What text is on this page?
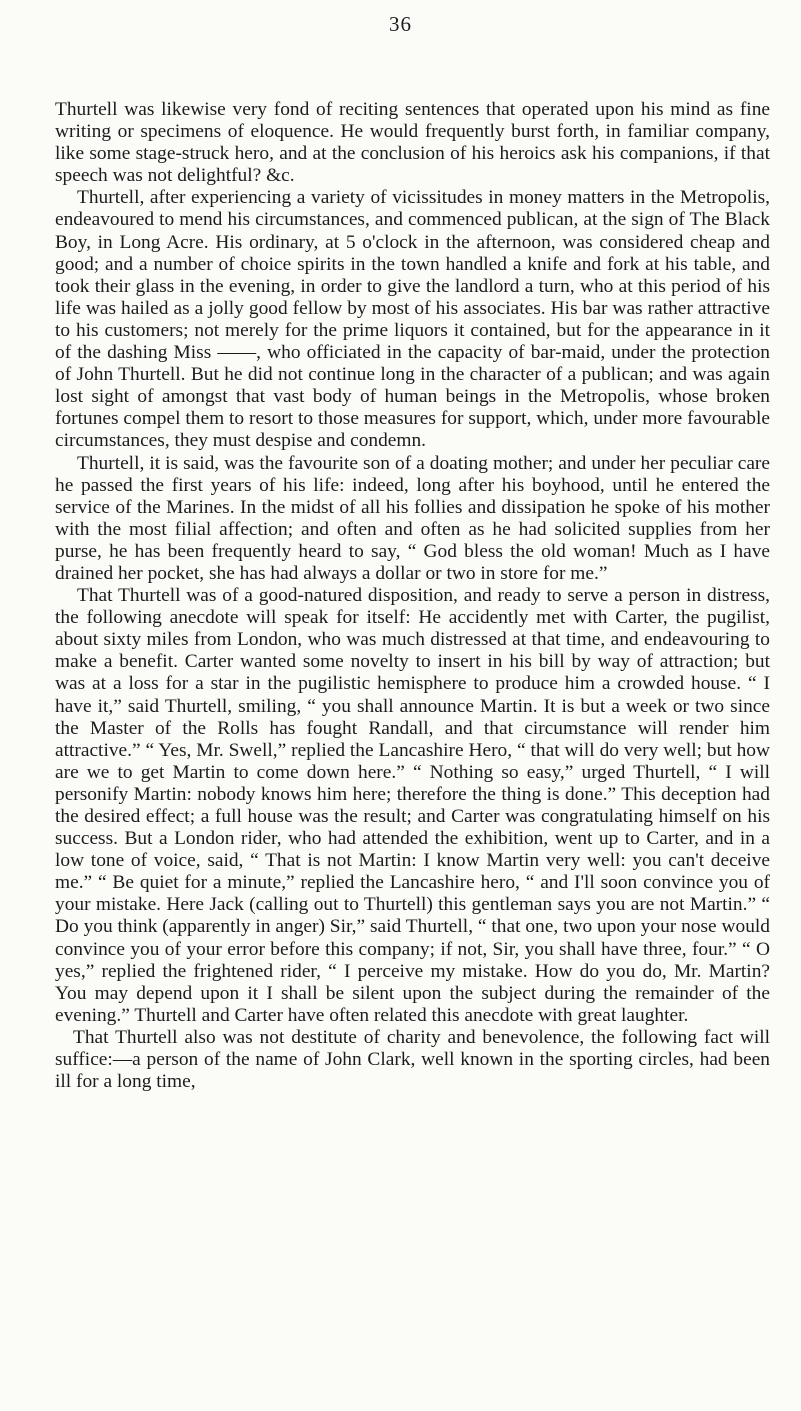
36

Thurtell was likewise very fond of reciting sentences that operated upon his mind as fine writing or specimens of eloquence. He would frequently burst forth, in familiar company, like some stage-struck hero, and at the conclusion of his heroics ask his companions, if that speech was not delightful? &c.

Thurtell, after experiencing a variety of vicissitudes in money matters in the Metropolis, endeavoured to mend his circumstances, and commenced publican, at the sign of The Black Boy, in Long Acre. His ordinary, at 5 o'clock in the afternoon, was considered cheap and good; and a number of choice spirits in the town handled a knife and fork at his table, and took their glass in the evening, in order to give the landlord a turn, who at this period of his life was hailed as a jolly good fellow by most of his associates. His bar was rather attractive to his customers; not merely for the prime liquors it contained, but for the appearance in it of the dashing Miss ——, who officiated in the capacity of bar-maid, under the protection of John Thurtell. But he did not continue long in the character of a publican; and was again lost sight of amongst that vast body of human beings in the Metropolis, whose broken fortunes compel them to resort to those measures for support, which, under more favourable circumstances, they must despise and condemn.

Thurtell, it is said, was the favourite son of a doating mother; and under her peculiar care he passed the first years of his life: indeed, long after his boyhood, until he entered the service of the Marines. In the midst of all his follies and dissipation he spoke of his mother with the most filial affection; and often and often as he had solicited supplies from her purse, he has been frequently heard to say, “ God bless the old woman! Much as I have drained her pocket, she has had always a dollar or two in store for me.”

That Thurtell was of a good-natured disposition, and ready to serve a person in distress, the following anecdote will speak for itself: He accidently met with Carter, the pugilist, about sixty miles from London, who was much distressed at that time, and endeavouring to make a benefit. Carter wanted some novelty to insert in his bill by way of attraction; but was at a loss for a star in the pugilistic hemisphere to produce him a crowded house. “ I have it,” said Thurtell, smiling, “ you shall announce Martin. It is but a week or two since the Master of the Rolls has fought Randall, and that circumstance will render him attractive.” “ Yes, Mr. Swell,” replied the Lancashire Hero, “ that will do very well; but how are we to get Martin to come down here.” “ Nothing so easy,” urged Thurtell, “ I will personify Martin: nobody knows him here; therefore the thing is done.” This deception had the desired effect; a full house was the result; and Carter was congratulating himself on his success. But a London rider, who had attended the exhibition, went up to Carter, and in a low tone of voice, said, “ That is not Martin: I know Martin very well: you can't deceive me.” “ Be quiet for a minute,” replied the Lancashire hero, “ and I'll soon convince you of your mistake. Here Jack (calling out to Thurtell) this gentleman says you are not Martin.” “ Do you think (apparently in anger) Sir,” said Thurtell, “ that one, two upon your nose would convince you of your error before this company; if not, Sir, you shall have three, four.” “ O yes,” replied the frightened rider, “ I perceive my mistake. How do you do, Mr. Martin? You may depend upon it I shall be silent upon the subject during the remainder of the evening.” Thurtell and Carter have often related this anecdote with great laughter.

That Thurtell also was not destitute of charity and benevolence, the following fact will suffice:—a person of the name of John Clark, well known in the sporting circles, had been ill for a long time,
